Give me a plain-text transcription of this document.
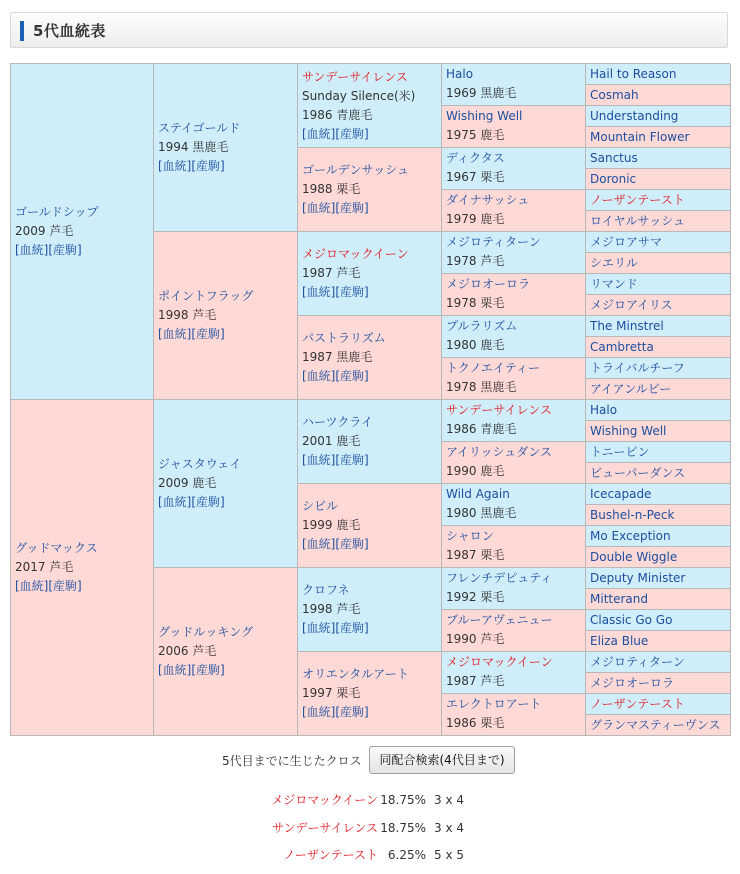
5代血統表
ゴールドシップ
2009 芦毛
[血統][産駒]
グッドマックス
2017 芦毛
[血統][産駒]
ステイゴールド
1994 黒鹿毛
[血統][産駒]
ポイントフラッグ
1998 芦毛
[血統][産駒]
ジャスタウェイ
2009 鹿毛
[血統][産駒]
グッドルッキング
2006 芦毛
[血統][産駒]
サンデーサイレンス
Sunday Silence(米)
1986 青鹿毛
[血統][産駒]
ゴールデンサッシュ
1988 栗毛
[血統][産駒]
メジロマックイーン
1987 芦毛
[血統][産駒]
パストラリズム
1987 黒鹿毛
[血統][産駒]
ハーツクライ
2001 鹿毛
[血統][産駒]
シビル
1999 鹿毛
[血統][産駒]
クロフネ
1998 芦毛
[血統][産駒]
オリエンタルアート
1997 栗毛
[血統][産駒]
Halo
1969 黒鹿毛
Wishing Well
1975 鹿毛
ディクタス
1967 栗毛
ダイナサッシュ
1979 鹿毛
メジロティターン
1978 芦毛
メジロオーロラ
1978 栗毛
プルラリズム
1980 鹿毛
トクノエイティー
1978 黒鹿毛
サンデーサイレンス
1986 青鹿毛
アイリッシュダンス
1990 鹿毛
Wild Again
1980 黒鹿毛
シャロン
1987 栗毛
フレンチデピュティ
1992 栗毛
ブルーアヴェニュー
1990 芦毛
メジロマックイーン
1987 芦毛
エレクトロアート
1986 栗毛
Hail to Reason
Cosmah
Understanding
Mountain Flower
Sanctus
Doronic
ノーザンテースト
ロイヤルサッシュ
メジロアサマ
シエリル
リマンド
メジロアイリス
The Minstrel
Cambretta
トライバルチーフ
アイアンルビー
Halo
Wishing Well
トニービン
ビューパーダンス
Icecapade
Bushel-n-Peck
Mo Exception
Double Wiggle
Deputy Minister
Mitterand
Classic Go Go
Eliza Blue
メジロティターン
メジロオーロラ
ノーザンテースト
グランマスティーヴンス
5代目までに生じたクロス	同配合検索(4代目まで)
メジロマックイーン 18.75% 3 x 4
サンデーサイレンス 18.75% 3 x 4
ノーザンテースト 6.25% 5 x 5
